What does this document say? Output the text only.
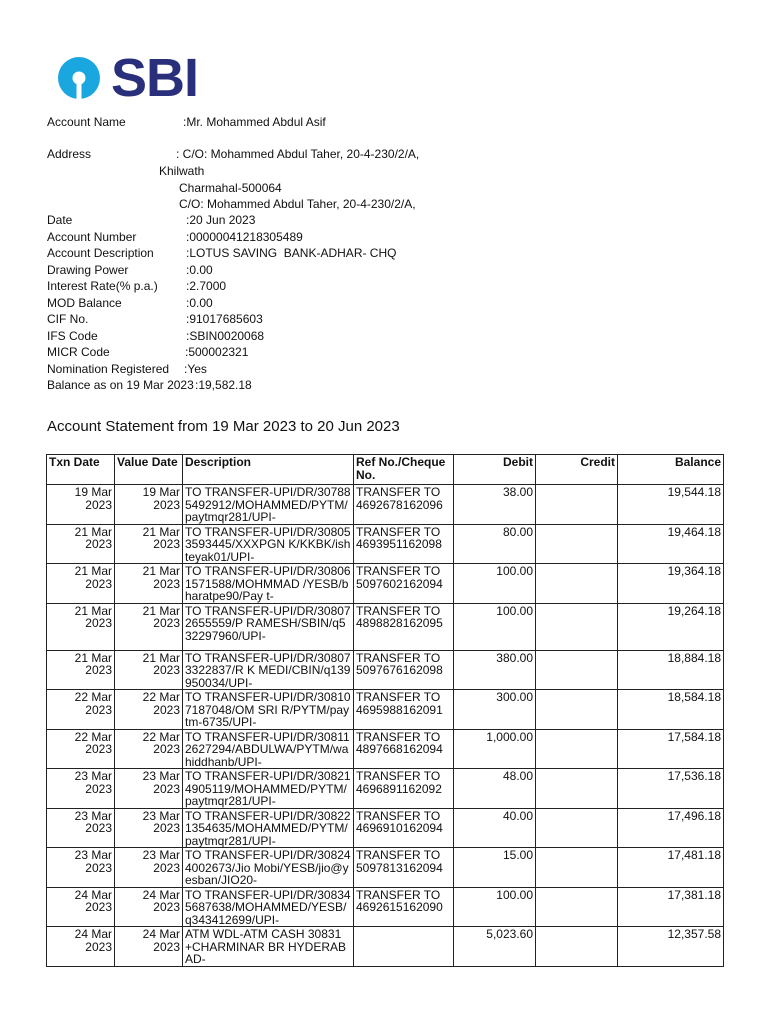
SBI
Account Name	:Mr. Mohammed Abdul Asif
Address	: C/O: Mohammed Abdul Taher, 20-4-230/2/A,
Khilwath
Charmahal-500064
C/O: Mohammed Abdul Taher, 20-4-230/2/A,
Date	:20 Jun 2023
Account Number	:00000041218305489
Account Description	:LOTUS SAVING  BANK-ADHAR- CHQ
Drawing Power	:0.00
Interest Rate(% p.a.) :2.7000
MOD Balance	:0.00
CIF No.	:91017685603
IFS Code	:SBIN0020068
MICR Code	:500002321
Nomination Registered :Yes
Balance as on 19 Mar 2023 :19,582.18
Account Statement from 19 Mar 2023 to 20 Jun 2023
Txn Date	Value Date	Description	Ref No./Cheque No.	Debit	Credit	Balance
19 Mar 2023	19 Mar 2023	TO TRANSFER-UPI/DR/307885492912/MOHAMMED/PYTM/paytmqr281/UPI-	TRANSFER TO 4692678162096	38.00		19,544.18
21 Mar 2023	21 Mar 2023	TO TRANSFER-UPI/DR/308053593445/XXXPGN K/KKBK/ishteyak01/UPI-	TRANSFER TO 4693951162098	80.00		19,464.18
21 Mar 2023	21 Mar 2023	TO TRANSFER-UPI/DR/308061571588/MOHMMAD /YESB/bharatpe90/Pay t-	TRANSFER TO 5097602162094	100.00		19,364.18
21 Mar 2023	21 Mar 2023	TO TRANSFER-UPI/DR/308072655559/P RAMESH/SBIN/q532297960/UPI-	TRANSFER TO 4898828162095	100.00		19,264.18
21 Mar 2023	21 Mar 2023	TO TRANSFER-UPI/DR/308073322837/R K MEDI/CBIN/q139950034/UPI-	TRANSFER TO 5097676162098	380.00		18,884.18
22 Mar 2023	22 Mar 2023	TO TRANSFER-UPI/DR/308107187048/OM SRI R/PYTM/paytm-6735/UPI-	TRANSFER TO 4695988162091	300.00		18,584.18
22 Mar 2023	22 Mar 2023	TO TRANSFER-UPI/DR/308112627294/ABDULWA/PYTM/wahiddhanb/UPI-	TRANSFER TO 4897668162094	1,000.00		17,584.18
23 Mar 2023	23 Mar 2023	TO TRANSFER-UPI/DR/308214905119/MOHAMMED/PYTM/paytmqr281/UPI-	TRANSFER TO 4696891162092	48.00		17,536.18
23 Mar 2023	23 Mar 2023	TO TRANSFER-UPI/DR/308221354635/MOHAMMED/PYTM/paytmqr281/UPI-	TRANSFER TO 4696910162094	40.00		17,496.18
23 Mar 2023	23 Mar 2023	TO TRANSFER-UPI/DR/308244002673/Jio Mobi/YESB/jio@yesban/JIO20-	TRANSFER TO 5097813162094	15.00		17,481.18
24 Mar 2023	24 Mar 2023	TO TRANSFER-UPI/DR/308345687638/MOHAMMED/YESB/q343412699/UPI-	TRANSFER TO 4692615162090	100.00		17,381.18
24 Mar 2023	24 Mar 2023	ATM WDL-ATM CASH 30831 +CHARMINAR BR HYDERABAD-		5,023.60		12,357.58
